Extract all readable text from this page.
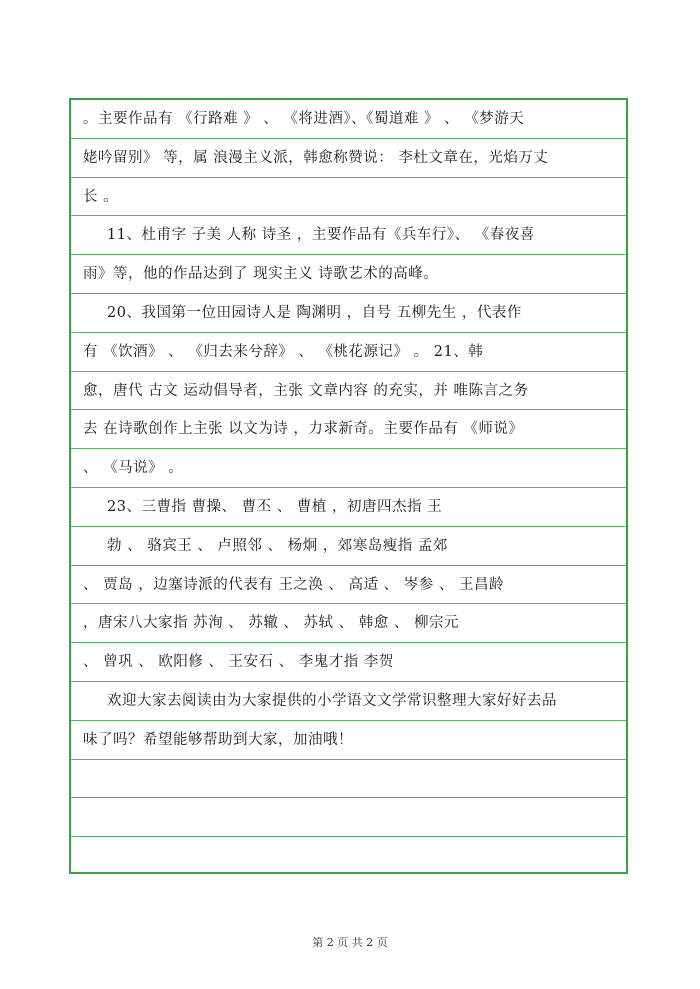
。主要作品有 《行路难 》 、 《将进酒》、《蜀道难 》 、 《梦游天
姥吟留别》 等，属 浪漫主义派，韩愈称赞说： 李杜文章在，光焰万丈
长 。
11、杜甫字 子美 人称 诗圣 ，主要作品有《兵车行》、 《春夜喜
雨》等，他的作品达到了 现实主义 诗歌艺术的高峰。
20、我国第一位田园诗人是 陶渊明 ，自号 五柳先生 ，代表作
有 《饮酒》 、 《归去来兮辞》 、 《桃花源记》 。 21、韩
愈，唐代 古文 运动倡导者，主张 文章内容 的充实，并 唯陈言之务
去 在诗歌创作上主张 以文为诗 ，力求新奇。主要作品有 《师说》
、 《马说》 。
23、三曹指 曹操、 曹丕 、 曹植 ，初唐四杰指 王
勃 、 骆宾王 、 卢照邻 、 杨炯 ，郊寒岛瘦指 孟郊
、 贾岛 ，边塞诗派的代表有 王之涣 、 高适 、 岑参 、 王昌龄
，唐宋八大家指 苏洵 、 苏辙 、 苏轼 、 韩愈 、 柳宗元
、 曾巩 、 欧阳修 、 王安石 、 李鬼才指 李贺
欢迎大家去阅读由为大家提供的小学语文文学常识整理大家好好去品
味了吗？希望能够帮助到大家，加油哦！
第 2 页 共 2 页
